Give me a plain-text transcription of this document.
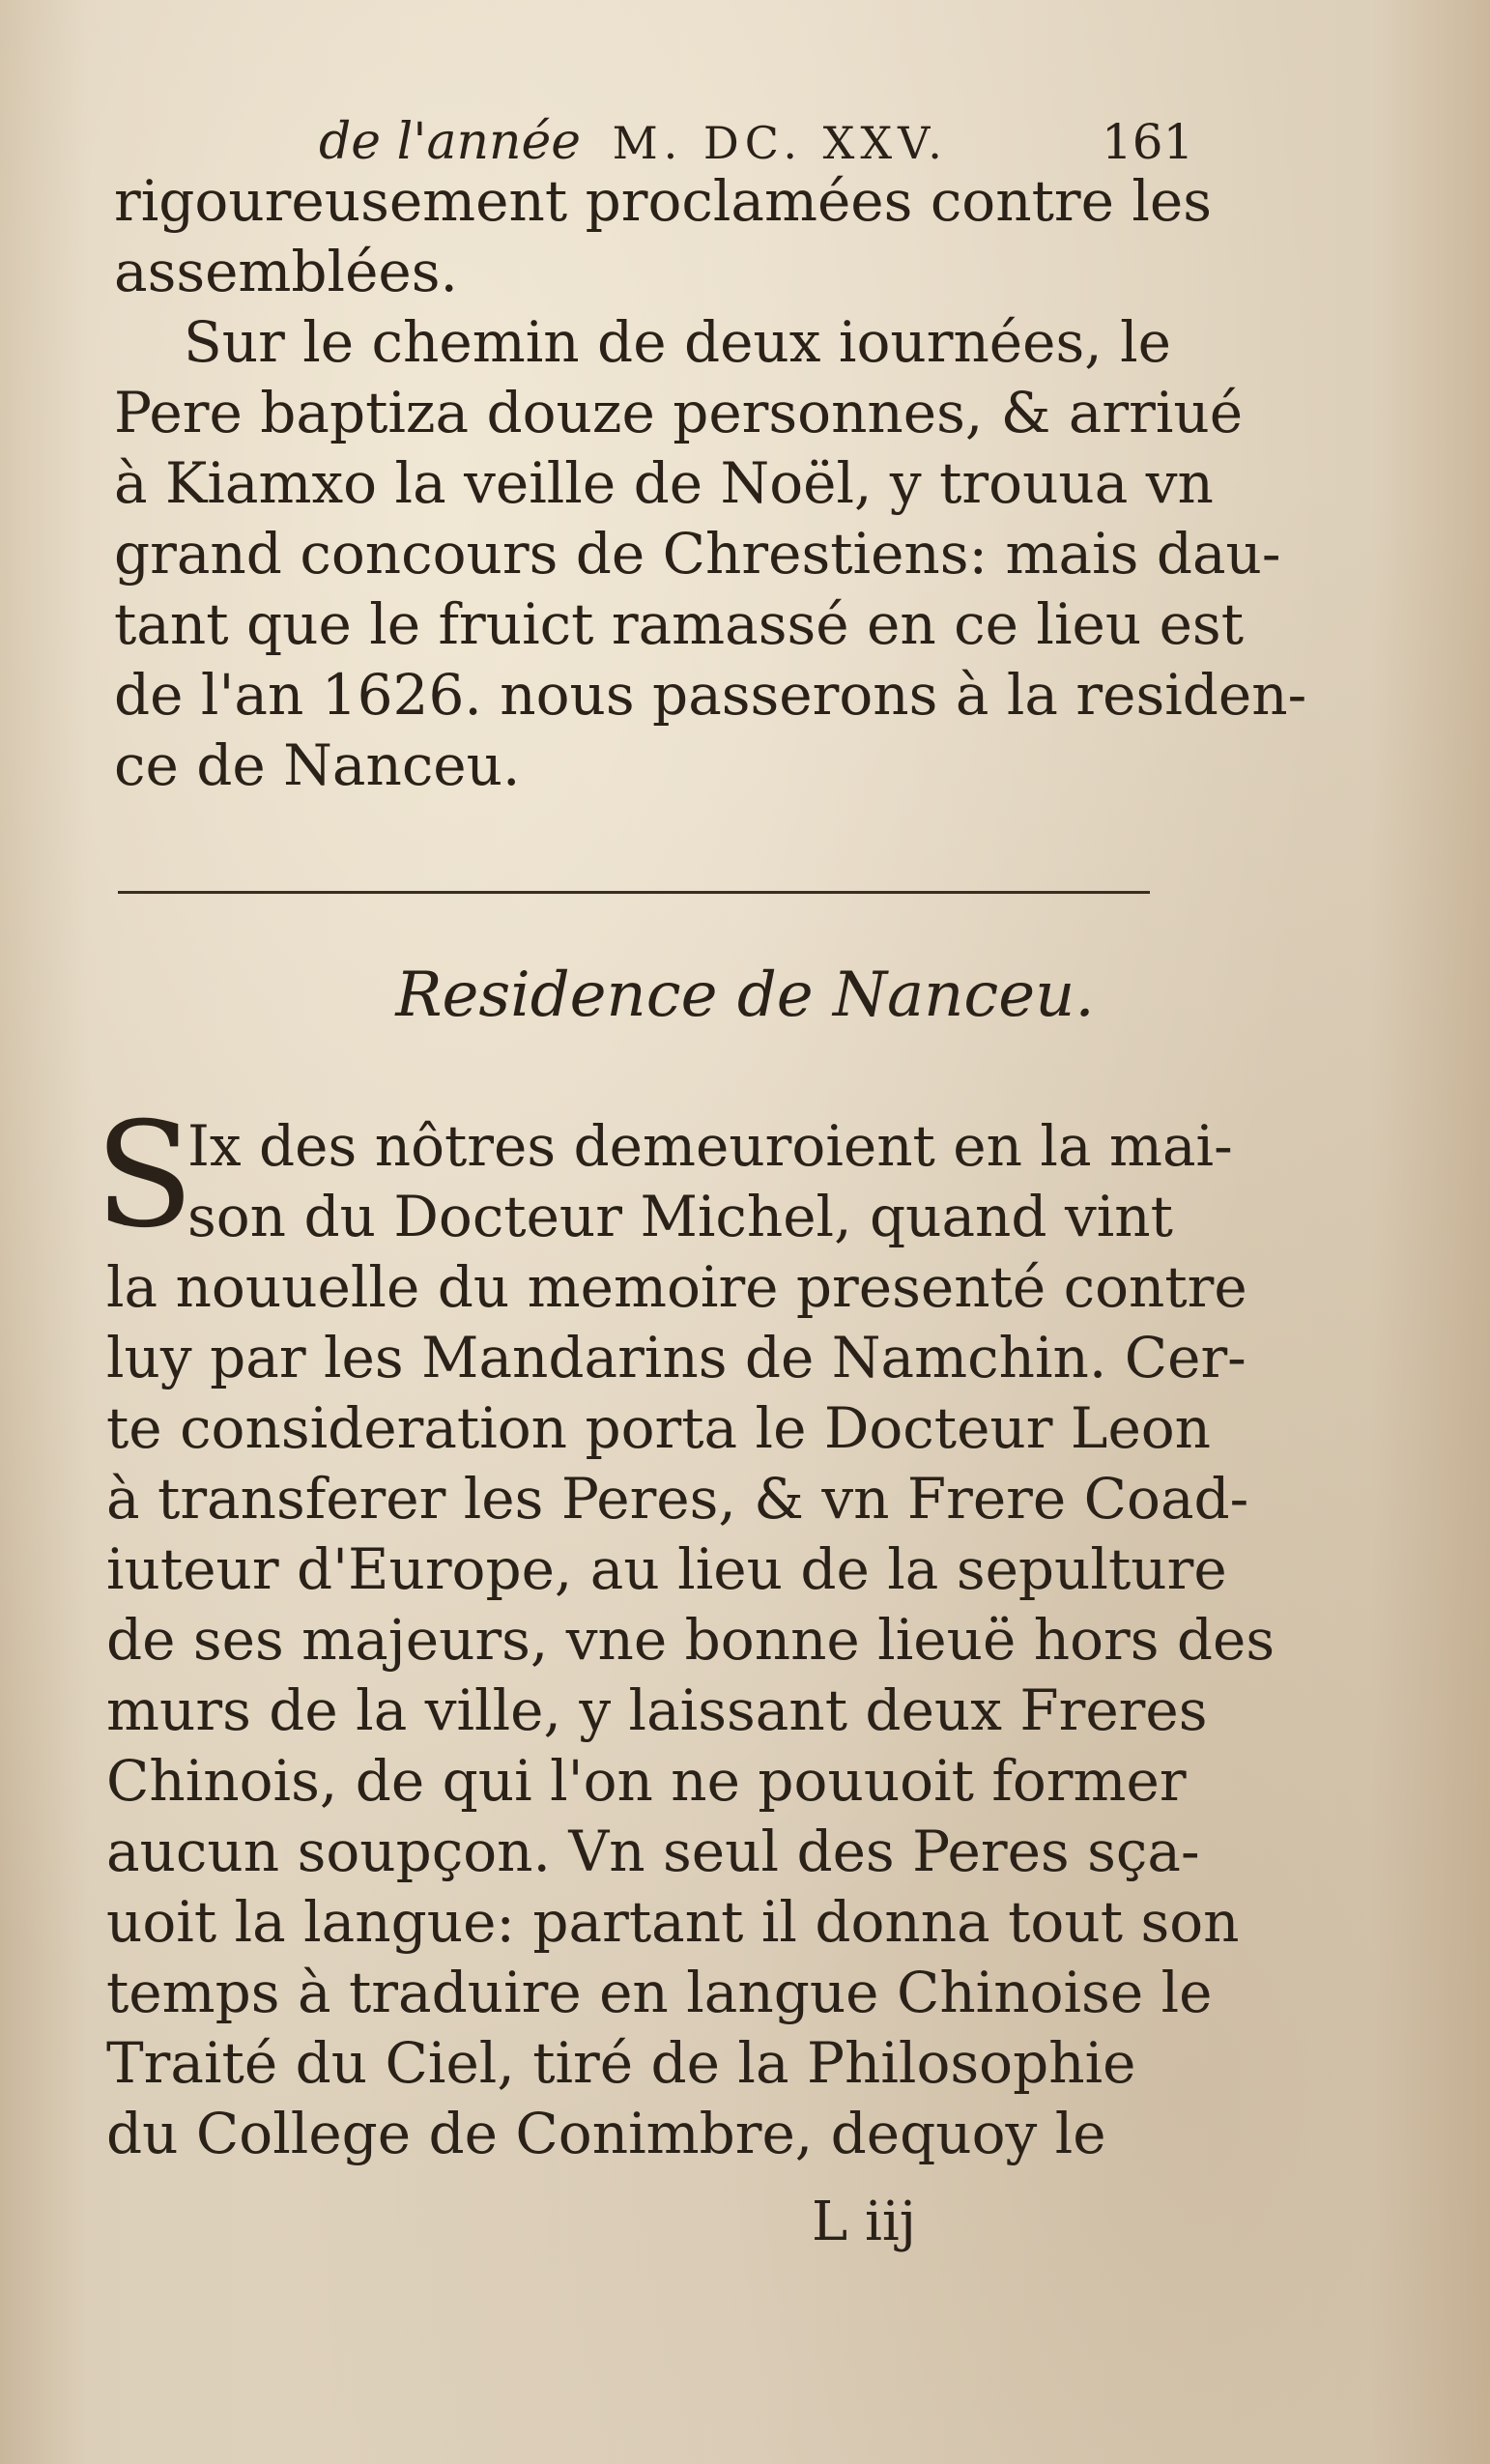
de l'année M. DC. XXV.	161
rigoureusement proclamées contre les
assemblées.
Sur le chemin de deux iournées, le
Pere baptiza douze personnes, & arriué
à Kiamxo la veille de Noël, y trouua vn
grand concours de Chrestiens: mais dau-
tant que le fruict ramassé en ce lieu est
de l'an 1626. nous passerons à la residen-
ce de Nanceu.
Residence de Nanceu.
S
Ix des nôtres demeuroient en la mai-
son du Docteur Michel, quand vint
la nouuelle du memoire presenté contre
luy par les Mandarins de Namchin. Cer-
te consideration porta le Docteur Leon
à transferer les Peres, & vn Frere Coad-
iuteur d'Europe, au lieu de la sepulture
de ses majeurs, vne bonne lieuë hors des
murs de la ville, y laissant deux Freres
Chinois, de qui l'on ne pouuoit former
aucun soupçon. Vn seul des Peres sça-
uoit la langue: partant il donna tout son
temps à traduire en langue Chinoise le
Traité du Ciel, tiré de la Philosophie
du College de Conimbre, dequoy le
L iij
